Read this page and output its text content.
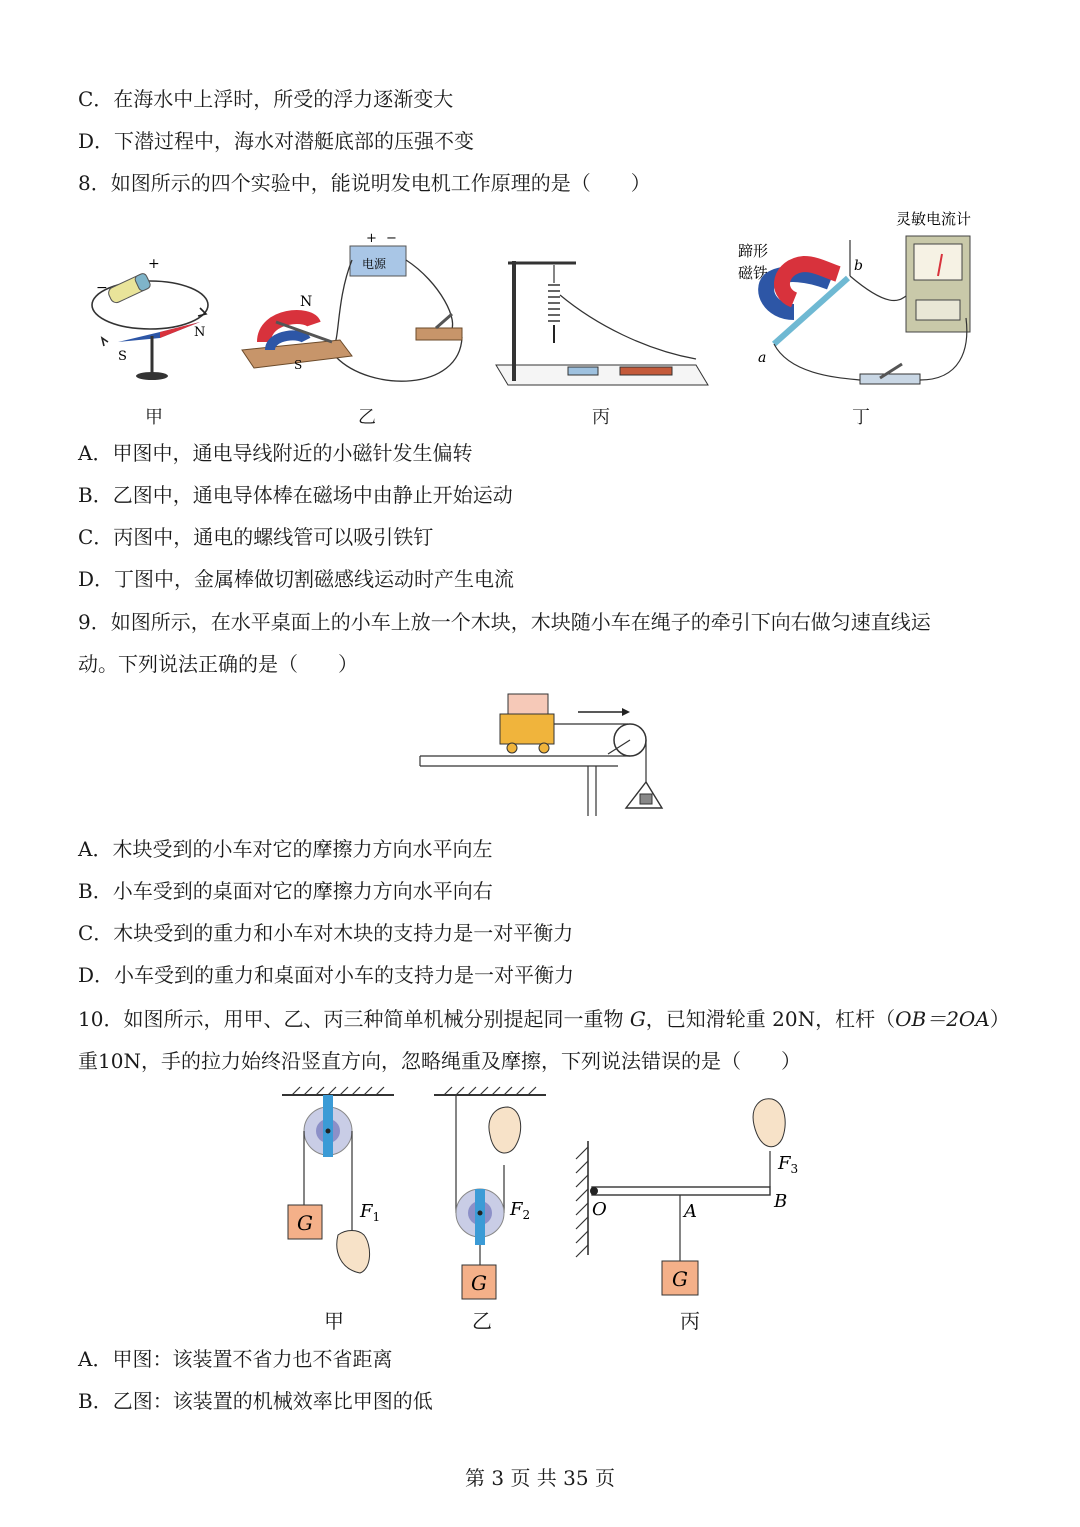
C．在海水中上浮时，所受的浮力逐渐变大
D．下潜过程中，海水对潜艇底部的压强不变
8．如图所示的四个实验中，能说明发电机工作原理的是（　　）
+
−
N
S
电源
+ −
N
S
灵敏电流计
蹄形
磁铁	b
a
甲	乙	丙	丁
A．甲图中，通电导线附近的小磁针发生偏转
B．乙图中，通电导体棒在磁场中由静止开始运动
C．丙图中，通电的螺线管可以吸引铁钉
D．丁图中，金属棒做切割磁感线运动时产生电流
9．如图所示，在水平桌面上的小车上放一个木块，木块随小车在绳子的牵引下向右做匀速直线运
动。下列说法正确的是（　　）
A．木块受到的小车对它的摩擦力方向水平向左
B．小车受到的桌面对它的摩擦力方向水平向右
C．木块受到的重力和小车对木块的支持力是一对平衡力
D．小车受到的重力和桌面对小车的支持力是一对平衡力
10．如图所示，用甲、乙、丙三种简单机械分别提起同一重物 G，已知滑轮重 20N，杠杆（OB＝2OA）
重10N，手的拉力始终沿竖直方向，忽略绳重及摩擦，下列说法错误的是（　　）
G	$F_1$
G
$F_2$
G
O	A	B
$F_3$
甲	乙	丙
A．甲图：该装置不省力也不省距离
B．乙图：该装置的机械效率比甲图的低
第 3 页 共 35 页
